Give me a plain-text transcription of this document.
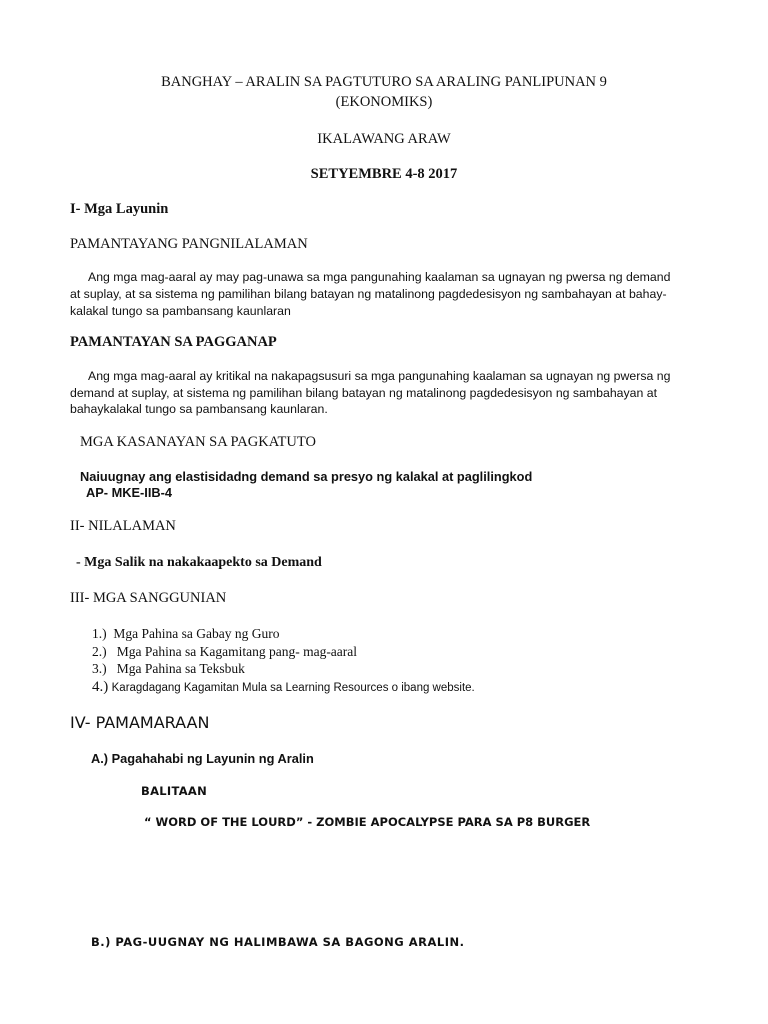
BANGHAY – ARALIN SA PAGTUTURO SA ARALING PANLIPUNAN 9
(EKONOMIKS)
IKALAWANG ARAW
SETYEMBRE 4-8 2017
I- Mga Layunin
PAMANTAYANG PANGNILALAMAN
Ang mga mag-aaral ay may pag-unawa sa mga pangunahing kaalaman sa ugnayan ng pwersa ng demand
at suplay, at sa sistema ng pamilihan bilang batayan ng matalinong pagdedesisyon ng sambahayan at bahay-
kalakal tungo sa pambansang kaunlaran
PAMANTAYAN SA PAGGANAP
Ang mga mag-aaral ay kritikal na nakapagsusuri sa mga pangunahing kaalaman sa ugnayan ng pwersa ng
demand at suplay, at sistema ng pamilihan bilang batayan ng matalinong pagdedesisyon ng sambahayan at
bahaykalakal tungo sa pambansang kaunlaran.
MGA KASANAYAN SA PAGKATUTO
Naiuugnay ang elastisidadng demand sa presyo ng kalakal at paglilingkod
AP- MKE-IIB-4
II- NILALAMAN
- Mga Salik na nakakaapekto sa Demand
III- MGA SANGGUNIAN
1.) Mga Pahina sa Gabay ng Guro
2.) Mga Pahina sa Kagamitang pang- mag-aaral
3.) Mga Pahina sa Teksbuk
4.) Karagdagang Kagamitan Mula sa Learning Resources o ibang website.
IV- PAMAMARAAN
A.) Pagahahabi ng Layunin ng Aralin
BALITAAN
“ WORD OF THE LOURD” - ZOMBIE APOCALYPSE PARA SA P8 BURGER
B.) PAG-UUGNAY NG HALIMBAWA SA BAGONG ARALIN.
